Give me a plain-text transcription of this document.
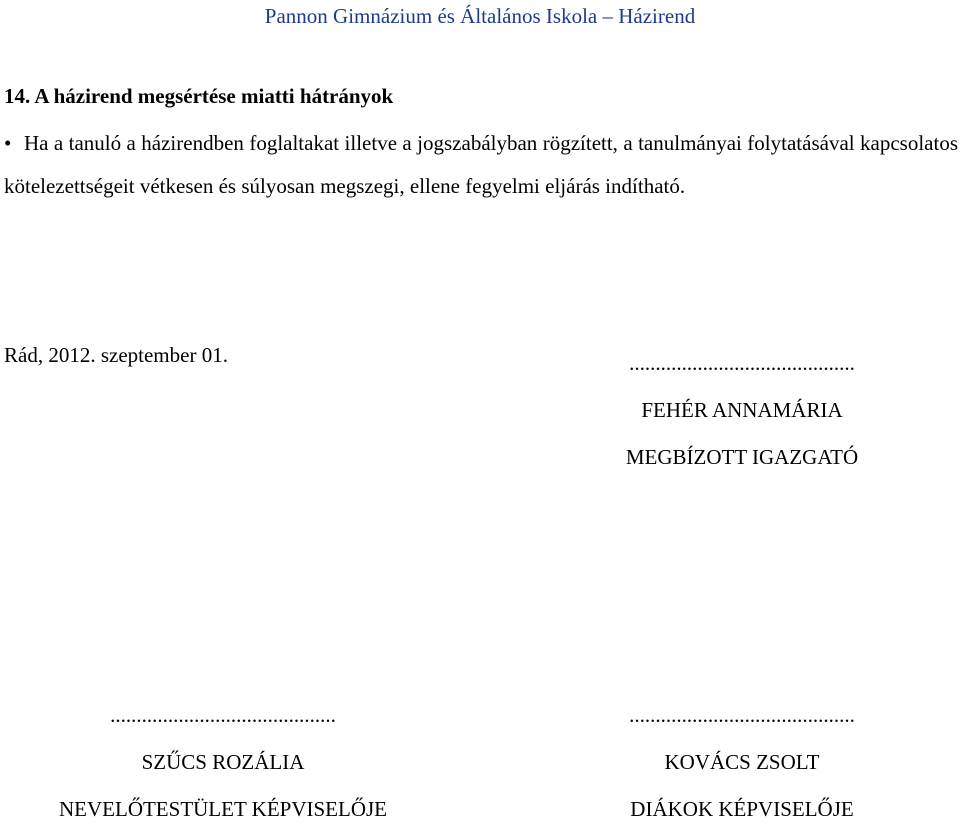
Pannon Gimnázium és Általános Iskola – Házirend
14. A házirend megsértése miatti hátrányok

• Ha a tanuló a házirendben foglaltakat illetve a jogszabályban rögzített, a tanulmányai folytatásával kapcsolatos kötelezettségeit vétkesen és súlyosan megszegi, ellene fegyelmi eljárás indítható.

Rád, 2012. szeptember 01.	...........................................
FEHÉR ANNAMÁRIA
MEGBÍZOTT IGAZGATÓ
...........................................
SZŰCS ROZÁLIA
NEVELŐTESTÜLET KÉPVISELŐJE
...........................................
KOVÁCS ZSOLT
DIÁKOK KÉPVISELŐJE
